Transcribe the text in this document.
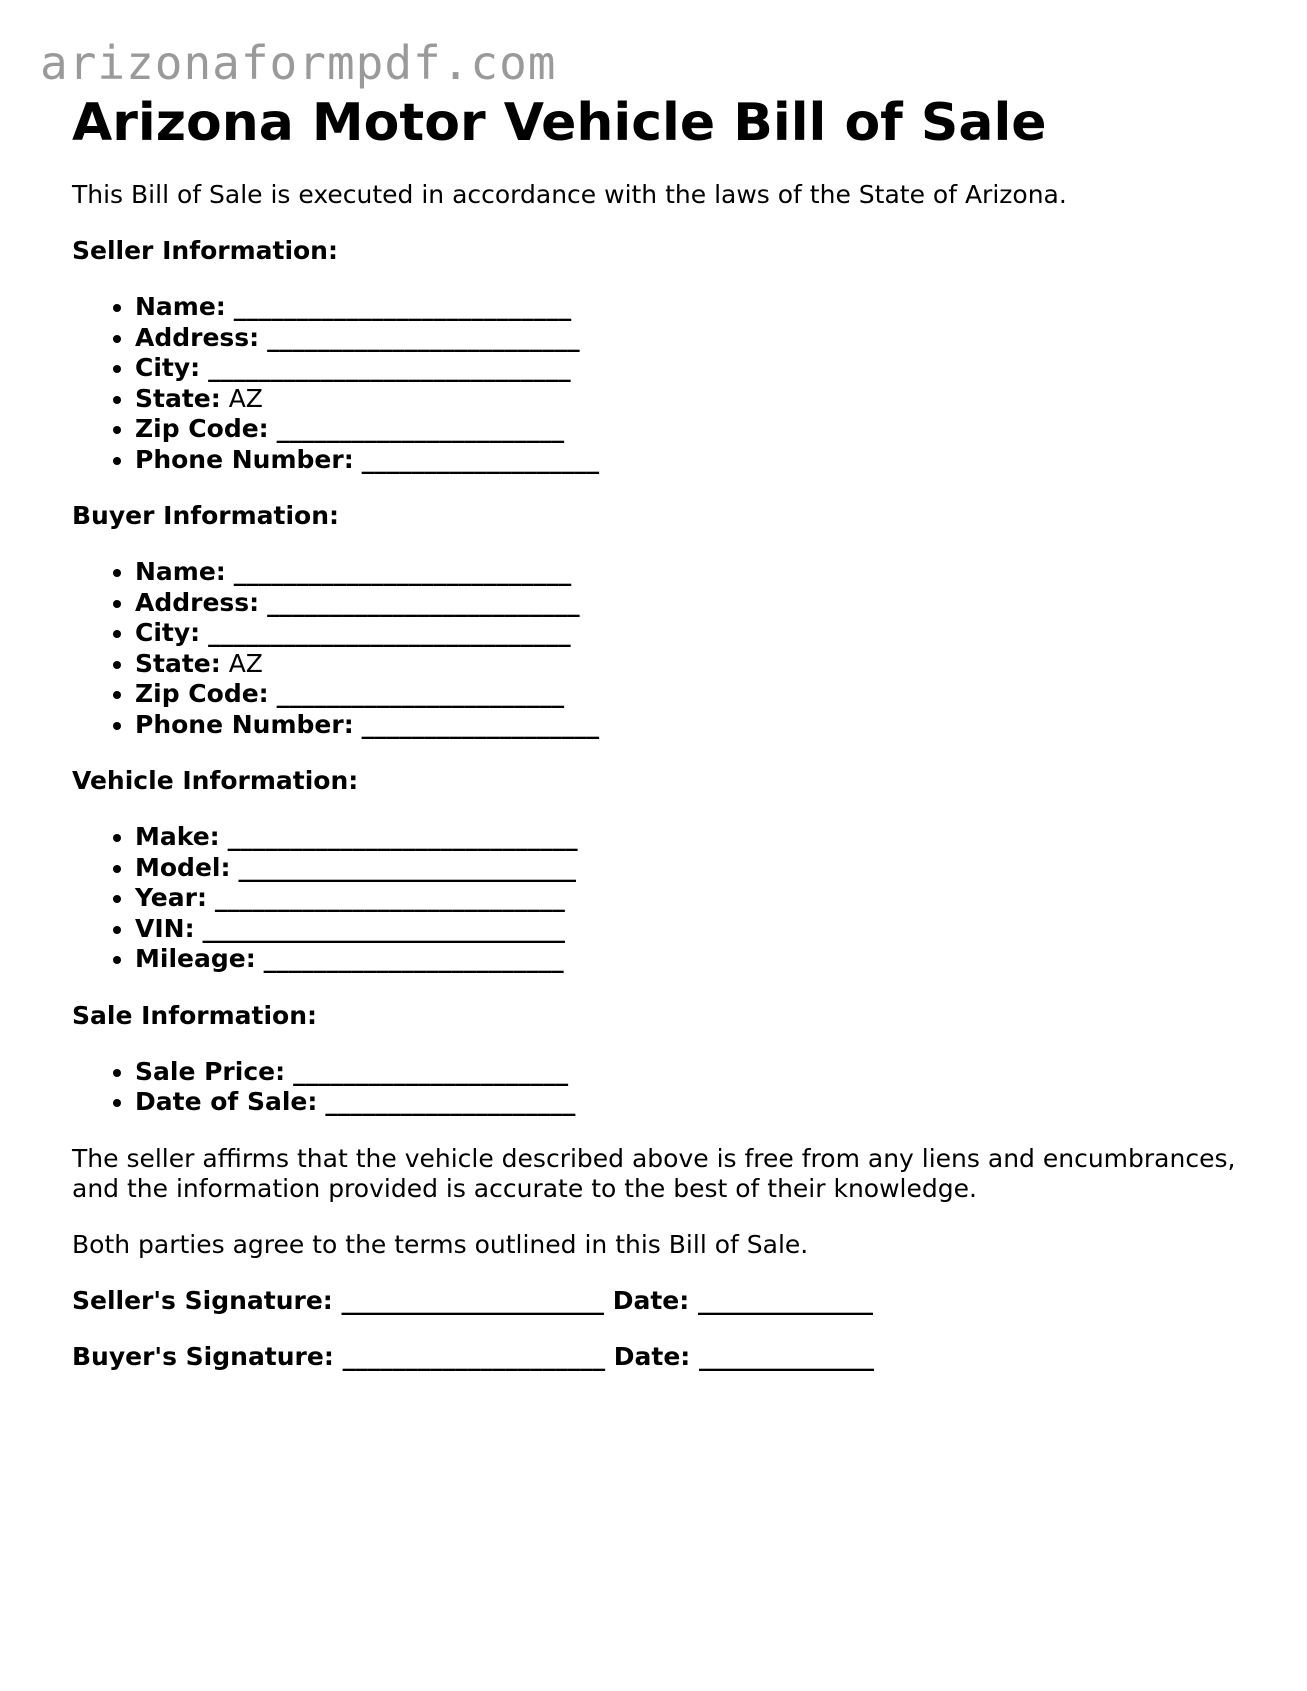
arizonaformpdf.com
Arizona Motor Vehicle Bill of Sale

This Bill of Sale is executed in accordance with the laws of the State of Arizona.

Seller Information:

• Name: ___________________________
• Address: _________________________
• City: _____________________________
• State: AZ
• Zip Code: _______________________
• Phone Number: ___________________

Buyer Information:

• Name: ___________________________
• Address: _________________________
• City: _____________________________
• State: AZ
• Zip Code: _______________________
• Phone Number: ___________________

Vehicle Information:

• Make: ____________________________
• Model: ___________________________
• Year: ____________________________
• VIN: _____________________________
• Mileage: ________________________

Sale Information:

• Sale Price: ______________________
• Date of Sale: ____________________

The seller affirms that the vehicle described above is free from any liens and encumbrances, and the information provided is accurate to the best of their knowledge.

Both parties agree to the terms outlined in this Bill of Sale.

Seller's Signature: _____________________ Date: ______________

Buyer's Signature: _____________________ Date: ______________
